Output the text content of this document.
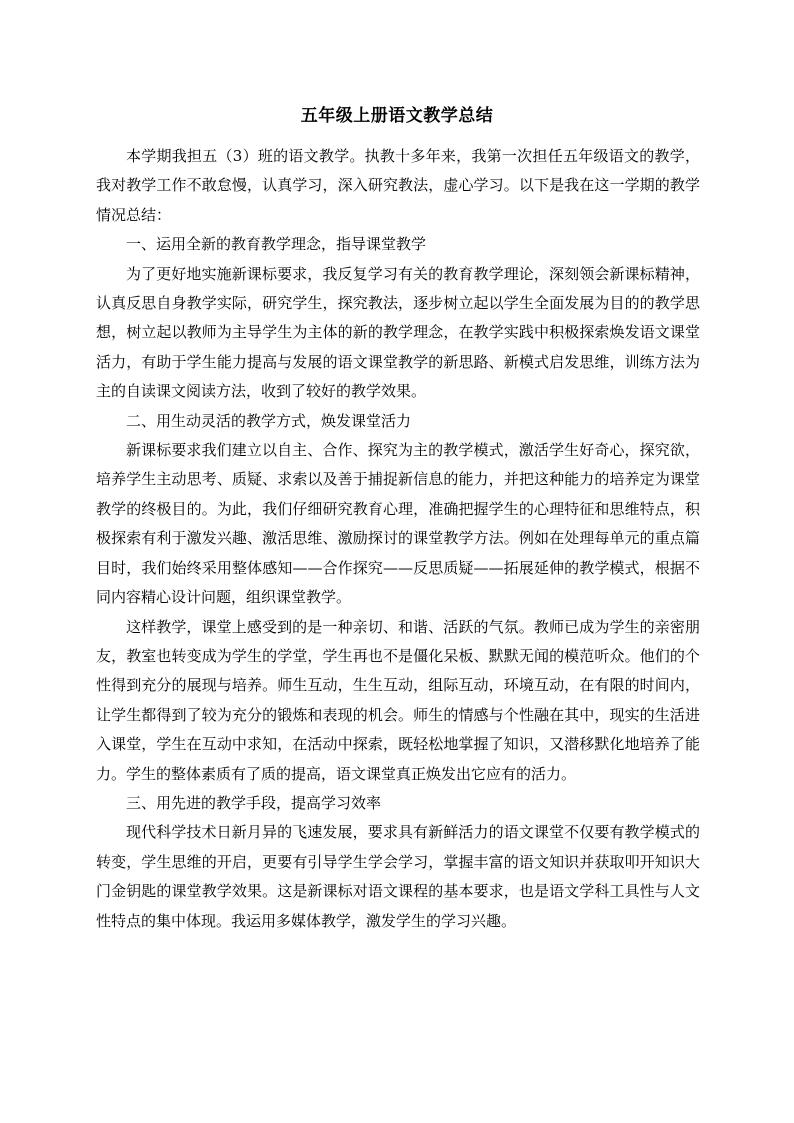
五年级上册语文教学总结

本学期我担五（3）班的语文教学。执教十多年来，我第一次担任五年级语文的教学，我对教学工作不敢怠慢，认真学习，深入研究教法，虚心学习。以下是我在这一学期的教学情况总结：

一、运用全新的教育教学理念，指导课堂教学

为了更好地实施新课标要求，我反复学习有关的教育教学理论，深刻领会新课标精神，认真反思自身教学实际，研究学生，探究教法，逐步树立起以学生全面发展为目的的教学思想，树立起以教师为主导学生为主体的新的教学理念，在教学实践中积极探索焕发语文课堂活力，有助于学生能力提高与发展的语文课堂教学的新思路、新模式启发思维，训练方法为主的自读课文阅读方法，收到了较好的教学效果。

二、用生动灵活的教学方式，焕发课堂活力

新课标要求我们建立以自主、合作、探究为主的教学模式，激活学生好奇心，探究欲，培养学生主动思考、质疑、求索以及善于捕捉新信息的能力，并把这种能力的培养定为课堂教学的终极目的。为此，我们仔细研究教育心理，准确把握学生的心理特征和思维特点，积极探索有利于激发兴趣、激活思维、激励探讨的课堂教学方法。例如在处理每单元的重点篇目时，我们始终采用整体感知——合作探究——反思质疑——拓展延伸的教学模式，根据不同内容精心设计问题，组织课堂教学。

这样教学，课堂上感受到的是一种亲切、和谐、活跃的气氛。教师已成为学生的亲密朋友，教室也转变成为学生的学堂，学生再也不是僵化呆板、默默无闻的模范听众。他们的个性得到充分的展现与培养。师生互动，生生互动，组际互动，环境互动，在有限的时间内，让学生都得到了较为充分的锻炼和表现的机会。师生的情感与个性融在其中，现实的生活进入课堂，学生在互动中求知，在活动中探索，既轻松地掌握了知识，又潜移默化地培养了能力。学生的整体素质有了质的提高，语文课堂真正焕发出它应有的活力。

三、用先进的教学手段，提高学习效率

现代科学技术日新月异的飞速发展，要求具有新鲜活力的语文课堂不仅要有教学模式的转变，学生思维的开启，更要有引导学生学会学习，掌握丰富的语文知识并获取叩开知识大门金钥匙的课堂教学效果。这是新课标对语文课程的基本要求，也是语文学科工具性与人文性特点的集中体现。我运用多媒体教学，激发学生的学习兴趣。
